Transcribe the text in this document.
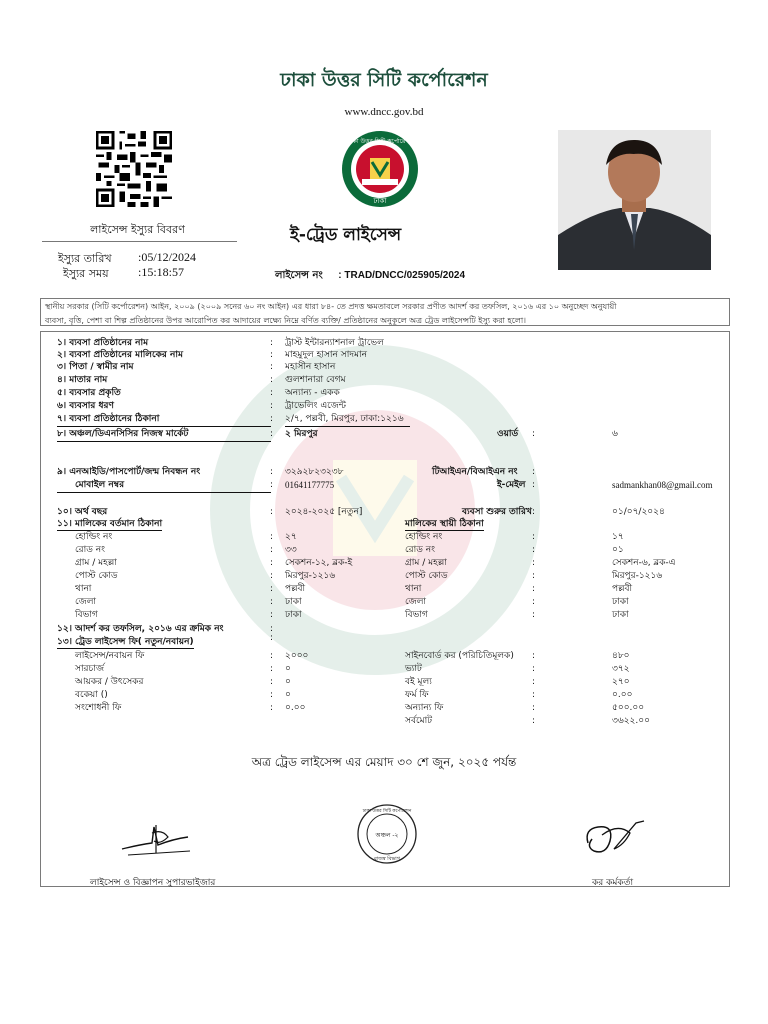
ঢাকা উত্তর সিটি কর্পোরেশন
www.dncc.gov.bd
ঢাকা উত্তর সিটি কর্পোরেশন
ঢাকা
লাইসেন্স ইস্যুর বিবরণ
ইস্যুর তারিখ :05/12/2024
ইস্যুর সময় :15:18:57
ই-ট্রেড লাইসেন্স
লাইসেন্স নং : TRAD/DNCC/025905/2024
স্থানীয় সরকার (সিটি কর্পোরেশন) আইন, ২০০৯ (২০০৯ সনের ৬০ নং আইন) এর ধারা ৮৪- তে প্রদত্ত ক্ষমতাবলে সরকার প্রণীত আদর্শ কর তফসিল, ২০১৬ এর ১০ অনুচ্ছেদ অনুযায়ী
ব্যবসা, বৃত্তি, পেশা বা শিল্প প্রতিষ্ঠানের উপর আরোপিত কর আদায়ের লক্ষ্যে নিম্নে বর্ণিত ব্যক্তি/ প্রতিষ্ঠানের অনুকূলে অত্র ট্রেড লাইসেন্সটি ইস্যু করা হলো।
১। ব্যবসা প্রতিষ্ঠানের নাম	: ট্রাস্ট ইন্টারন্যাশনাল ট্রাভেল
২। ব্যবসা প্রতিষ্ঠানের মালিকের নাম	: মাহমুদুল হাসান সাদমান
৩। পিতা / স্বামীর নাম	: মহাসীন হাসান
৪। মাতার নাম	: গুলশানারা বেগম
৫। ব্যবসার প্রকৃতি	: অন্যান্য - একক
৬। ব্যবসার ধরণ	: ট্রাভেলিং এজেন্ট
৭। ব্যবসা প্রতিষ্ঠানের ঠিকানা	: ২/৭, পল্লবী, মিরপুর, ঢাকা:১২১৬
৮। অঞ্চল/ডিএনসিসির নিজস্ব মার্কেট	: ২ মিরপুর	ওয়ার্ড :	৬
৯। এনআইডি/পাসপোর্ট/জন্ম নিবন্ধন নং	: ৩২৯২৮২৩২৩৮	টিআইএন/বিআইএন নং :
মোবাইল নম্বর	: 01641177775	ই-মেইল :	sadmankhan08@gmail.com
১০। অর্থ বছর	: ২০২৪-২০২৫ [নতুন]	ব্যবসা শুরুর তারিখ :	০১/০৭/২০২৪
১১। মালিকের বর্তমান ঠিকানা	মালিকের স্থায়ী ঠিকানা
হোল্ডিং নং	: ২৭	হোল্ডিং নং	:	১৭
রোড নং	: ৩৩	রোড নং	:	০১
গ্রাম / মহল্লা	: সেকশন-১২, ব্লক-ই	গ্রাম / মহল্লা	:	সেকশন-৬, ব্লক-এ
পোস্ট কোড	: মিরপুর-১২১৬	পোস্ট কোড	:	মিরপুর-১২১৬
থানা	: পল্লবী	থানা	:	পল্লবী
জেলা	: ঢাকা	জেলা	:	ঢাকা
বিভাগ	: ঢাকা	বিভাগ	:	ঢাকা
১২। আদর্শ কর তফসিল, ২০১৬ এর ক্রমিক নং	:
:
১৩। ট্রেড লাইসেন্স ফি( নতুন/নবায়ন)
লাইসেন্স/নবায়ন ফি	: ২০০০	সাইনবোর্ড কর (পরিচিতিমূলক) :	৪৮০
সারচার্জ	: ০	ভ্যাট	:	৩৭২
আয়কর / উৎসেকর	: ০	বই মূল্য	:	২৭০
বকেয়া ()	: ০	ফর্ম ফি	:	০.০০
সংশোধনী ফি	: ০.০০	অন্যান্য ফি	:	৫০০.০০
সর্বমোট	:	৩৬২২.০০
অত্র ট্রেড লাইসেন্স এর মেয়াদ ৩০ শে জুন, ২০২৫ পর্যন্ত
ঢাকা উত্তর সিটি কর্পোরেশন
অঞ্চল -২
রাজস্ব বিভাগ
লাইসেন্স ও বিজ্ঞাপন সুপারভাইজার	কর কর্মকর্তা
